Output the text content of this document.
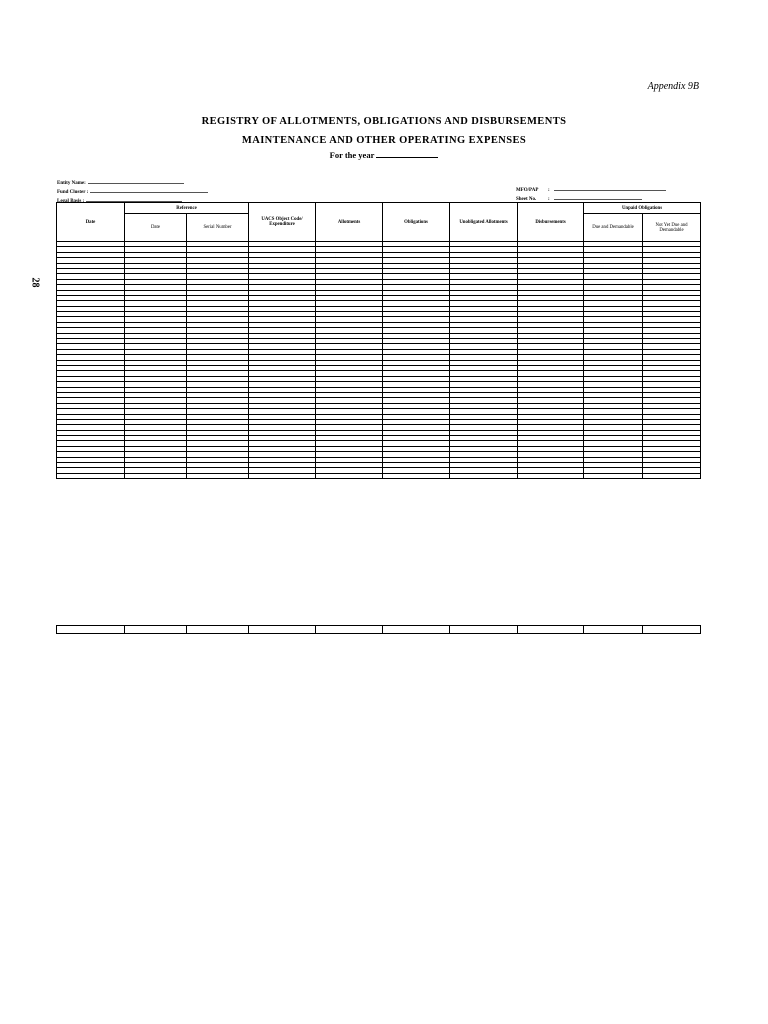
Appendix 9B
REGISTRY OF ALLOTMENTS, OBLIGATIONS AND DISBURSEMENTS
MAINTENANCE AND OTHER OPERATING EXPENSES
For the year
28
Entity Name:
Fund Cluster :
Legal Basis :
MFO/PAP :
Sheet No. :
Date	Reference		UACS Object Code/ Expenditure	Allotments	Obligations	Unobligated Allotments	Disbursements	Unpaid Obligations	
	Date	Serial Number						Due and Demandable	Not Yet Due and Demandable
